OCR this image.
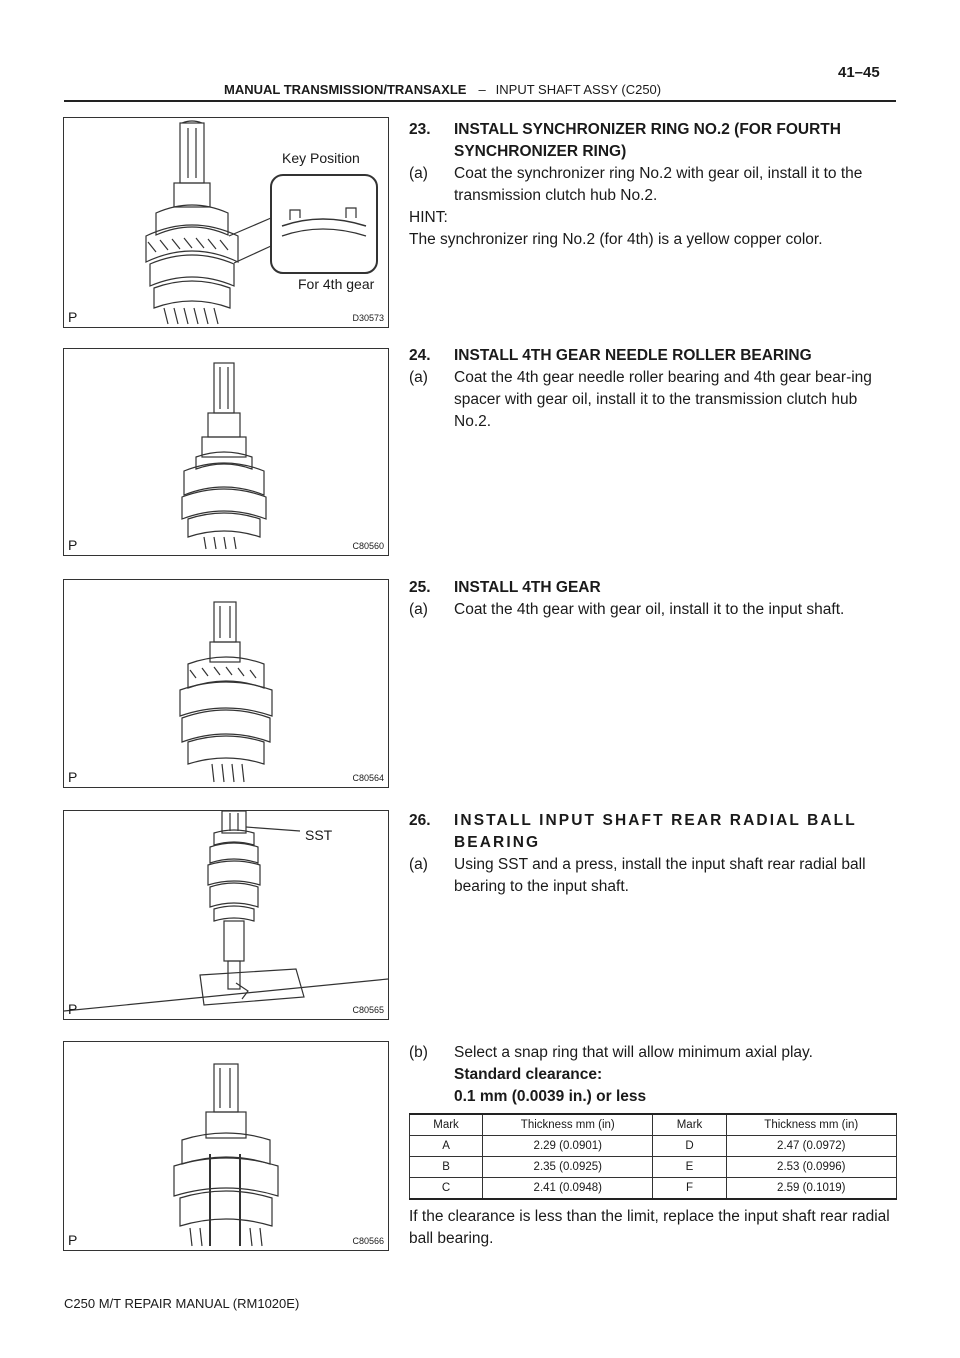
MANUAL TRANSMISSION/TRANSAXLE – INPUT SHAFT ASSY (C250)
41–45
Key Position
For 4th gear
P	D30573
P	C80560
P	C80564
SST
P	C80565
P	C80566
23.	INSTALL SYNCHRONIZER RING NO.2 (FOR FOURTH SYNCHRONIZER RING)
(a)	Coat the synchronizer ring No.2 with gear oil, install it to the transmission clutch hub No.2.
HINT:
The synchronizer ring No.2 (for 4th) is a yellow copper color.
24.	INSTALL 4TH GEAR NEEDLE ROLLER BEARING
(a)	Coat the 4th gear needle roller bearing and 4th gear bear-ing spacer with gear oil, install it to the transmission clutch hub No.2.
25.	INSTALL 4TH GEAR
(a)	Coat the 4th gear with gear oil, install it to the input shaft.
26.	INSTALL INPUT SHAFT REAR RADIAL BALL BEARING
(a)	Using SST and a press, install the input shaft rear radial ball bearing to the input shaft.
(b)	Select a snap ring that will allow minimum axial play.
Standard clearance:
0.1 mm (0.0039 in.) or less
Mark	Thickness mm (in)	Mark	Thickness mm (in)
A	2.29 (0.0901)	D	2.47 (0.0972)
B	2.35 (0.0925)	E	2.53 (0.0996)
C	2.41 (0.0948)	F	2.59 (0.1019)
If the clearance is less than the limit, replace the input shaft rear radial ball bearing.
C250 M/T REPAIR MANUAL (RM1020E)
